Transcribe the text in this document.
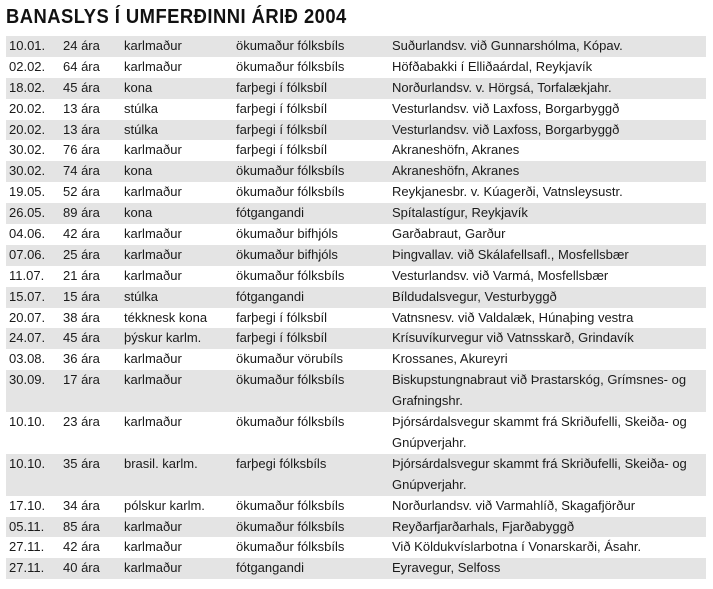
BANASLYS Í UMFERÐINNI ÁRIÐ 2004
10.01.	24 ára	karlmaður	ökumaður fólksbíls	Suðurlandsv. við Gunnarshólma, Kópav.
02.02.	64 ára	karlmaður	ökumaður fólksbíls	Höfðabakki í Elliðaárdal, Reykjavík
18.02.	45 ára	kona	farþegi í fólksbíl	Norðurlandsv. v. Hörgsá, Torfalækjahr.
20.02.	13 ára	stúlka	farþegi í fólksbíl	Vesturlandsv. við Laxfoss, Borgarbyggð
20.02.	13 ára	stúlka	farþegi í fólksbíl	Vesturlandsv. við Laxfoss, Borgarbyggð
30.02.	76 ára	karlmaður	farþegi í fólksbíl	Akraneshöfn, Akranes
30.02.	74 ára	kona	ökumaður fólksbíls	Akraneshöfn, Akranes
19.05.	52 ára	karlmaður	ökumaður fólksbíls	Reykjanesbr. v. Kúagerði, Vatnsleysustr.
26.05.	89 ára	kona	fótgangandi	Spítalastígur, Reykjavík
04.06.	42 ára	karlmaður	ökumaður bifhjóls	Garðabraut, Garður
07.06.	25 ára	karlmaður	ökumaður bifhjóls	Þingvallav. við Skálafellsafl., Mosfellsbær
11.07.	21 ára	karlmaður	ökumaður fólksbíls	Vesturlandsv. við Varmá, Mosfellsbær
15.07.	15 ára	stúlka	fótgangandi	Bíldudalsvegur, Vesturbyggð
20.07.	38 ára	tékknesk kona	farþegi í fólksbíl	Vatnsnesv. við Valdalæk, Húnaþing vestra
24.07.	45 ára	þýskur karlm.	farþegi í fólksbíl	Krísuvíkurvegur við Vatnsskarð, Grindavík
03.08.	36 ára	karlmaður	ökumaður vörubíls	Krossanes, Akureyri
30.09.	17 ára	karlmaður	ökumaður fólksbíls	Biskupstungnabraut við Þrastarskóg, Grímsnes- og Grafningshr.
10.10.	23 ára	karlmaður	ökumaður fólksbíls	Þjórsárdalsvegur skammt frá Skriðufelli, Skeiða- og Gnúpverjahr.
10.10.	35 ára	brasil. karlm.	farþegi fólksbíls	Þjórsárdalsvegur skammt frá Skriðufelli, Skeiða- og Gnúpverjahr.
17.10.	34 ára	pólskur karlm.	ökumaður fólksbíls	Norðurlandsv. við Varmahlíð, Skagafjörður
05.11.	85 ára	karlmaður	ökumaður fólksbíls	Reyðarfjarðarhals, Fjarðabyggð
27.11.	42 ára	karlmaður	ökumaður fólksbíls	Við Köldukvíslarbotna í Vonarskarði, Ásahr.
27.11.	40 ára	karlmaður	fótgangandi	Eyravegur, Selfoss
